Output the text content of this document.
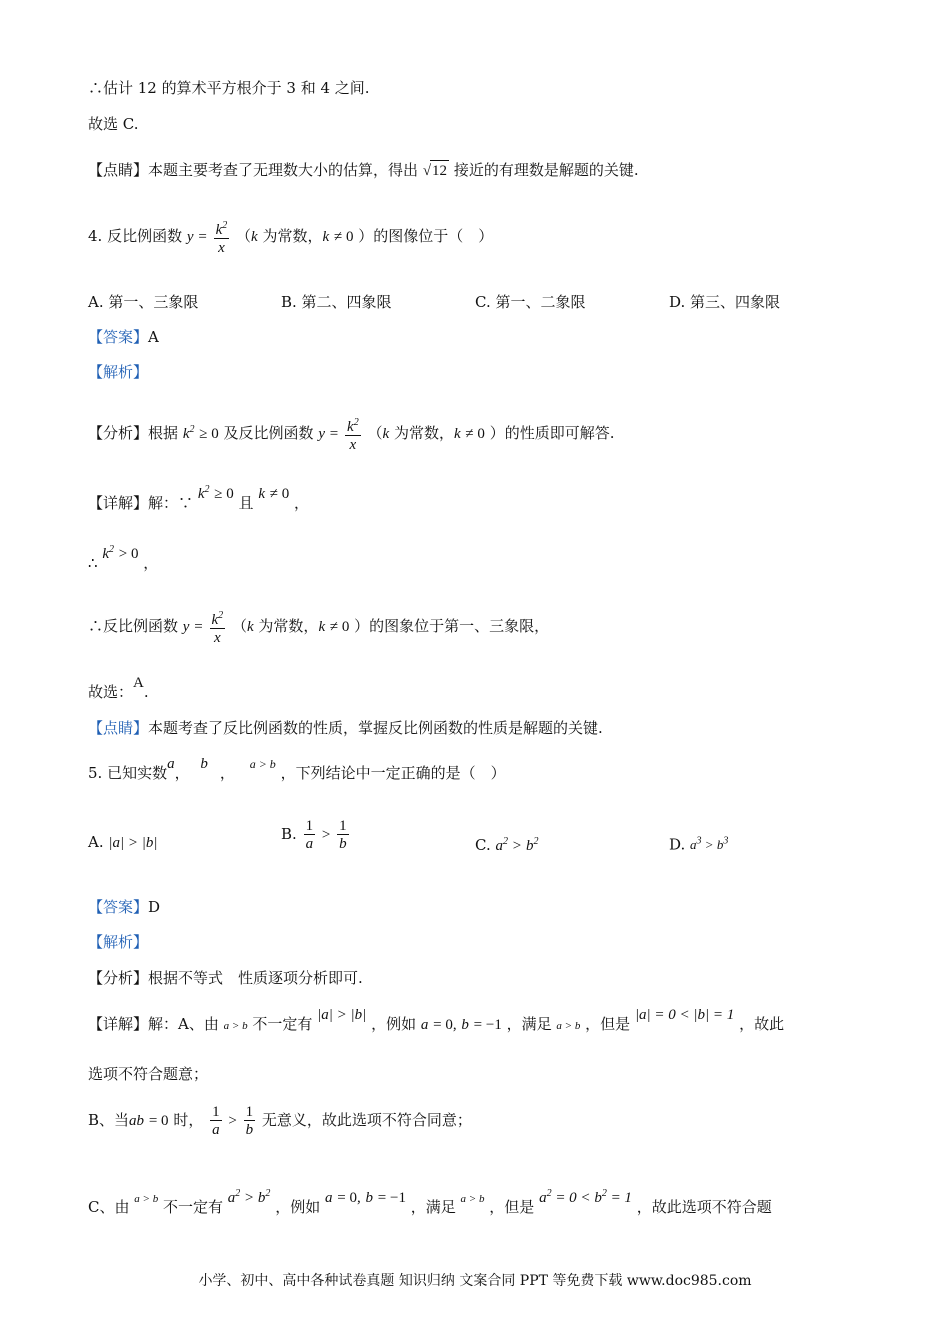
∴估计 12 的算术平方根介于 3 和 4 之间.
故选 C.
【点睛】本题主要考查了无理数大小的估算，得出 √12 接近的有理数是解题的关键.
4. 反比例函数 $y = \frac{k^2}{x} (k$ 为常数，k ≠ 0 ）的图像位于（　）
A. 第一、三象限	B. 第二、四象限	C. 第一、二象限	D. 第三、四象限
【答案】A
【解析】
【分析】根据 $k^2 \ge 0$ 及反比例函数 $y = \frac{k^2}{x} (k$ 为常数，k ≠ 0 ）的性质即可解答.
【详解】解：∵ $k^2 \ge 0$ 且 k ≠ 0 ，
∴ $k^2 > 0$ ，
∴反比例函数 $y = \frac{k^2}{x} (k$ 为常数，k ≠ 0 ）的图象位于第一、三象限，
故选：A.
【点睛】本题考查了反比例函数的性质，掌握反比例函数的性质是解题的关键.
5. 已知实数a， b ， $^{a > b}$ ，下列结论中一定正确的是（　）
A. |a| > |b|	B. $\frac{1}{a} > \frac{1}{b}$	C. $a^2 > b^2$	D. $a^3 > b^3$
【答案】D
【解析】
【分析】根据不等式　性质逐项分析即可.
【详解】解：A、由 a > b 不一定有 |a| > |b| ，例如 a = 0, b = −1 ，满足 a > b ，但是 |a| = 0 < |b| = 1 ，故此
选项不符合题意；
B、当ab = 0 时， $\frac{1}{a} > \frac{1}{b}$ 无意义，故此选项不符合同意；
C、由 $^{a > b}$ 不一定有 $a^2 > b^2$ ，例如 a = 0, b = −1 ，满足 $^{a > b}$ ，但是 $a^2 = 0 < b^2 = 1$ ，故此选项不符合题
小学、初中、高中各种试卷真题 知识归纳 文案合同 PPT 等免费下载 www.doc985.com
